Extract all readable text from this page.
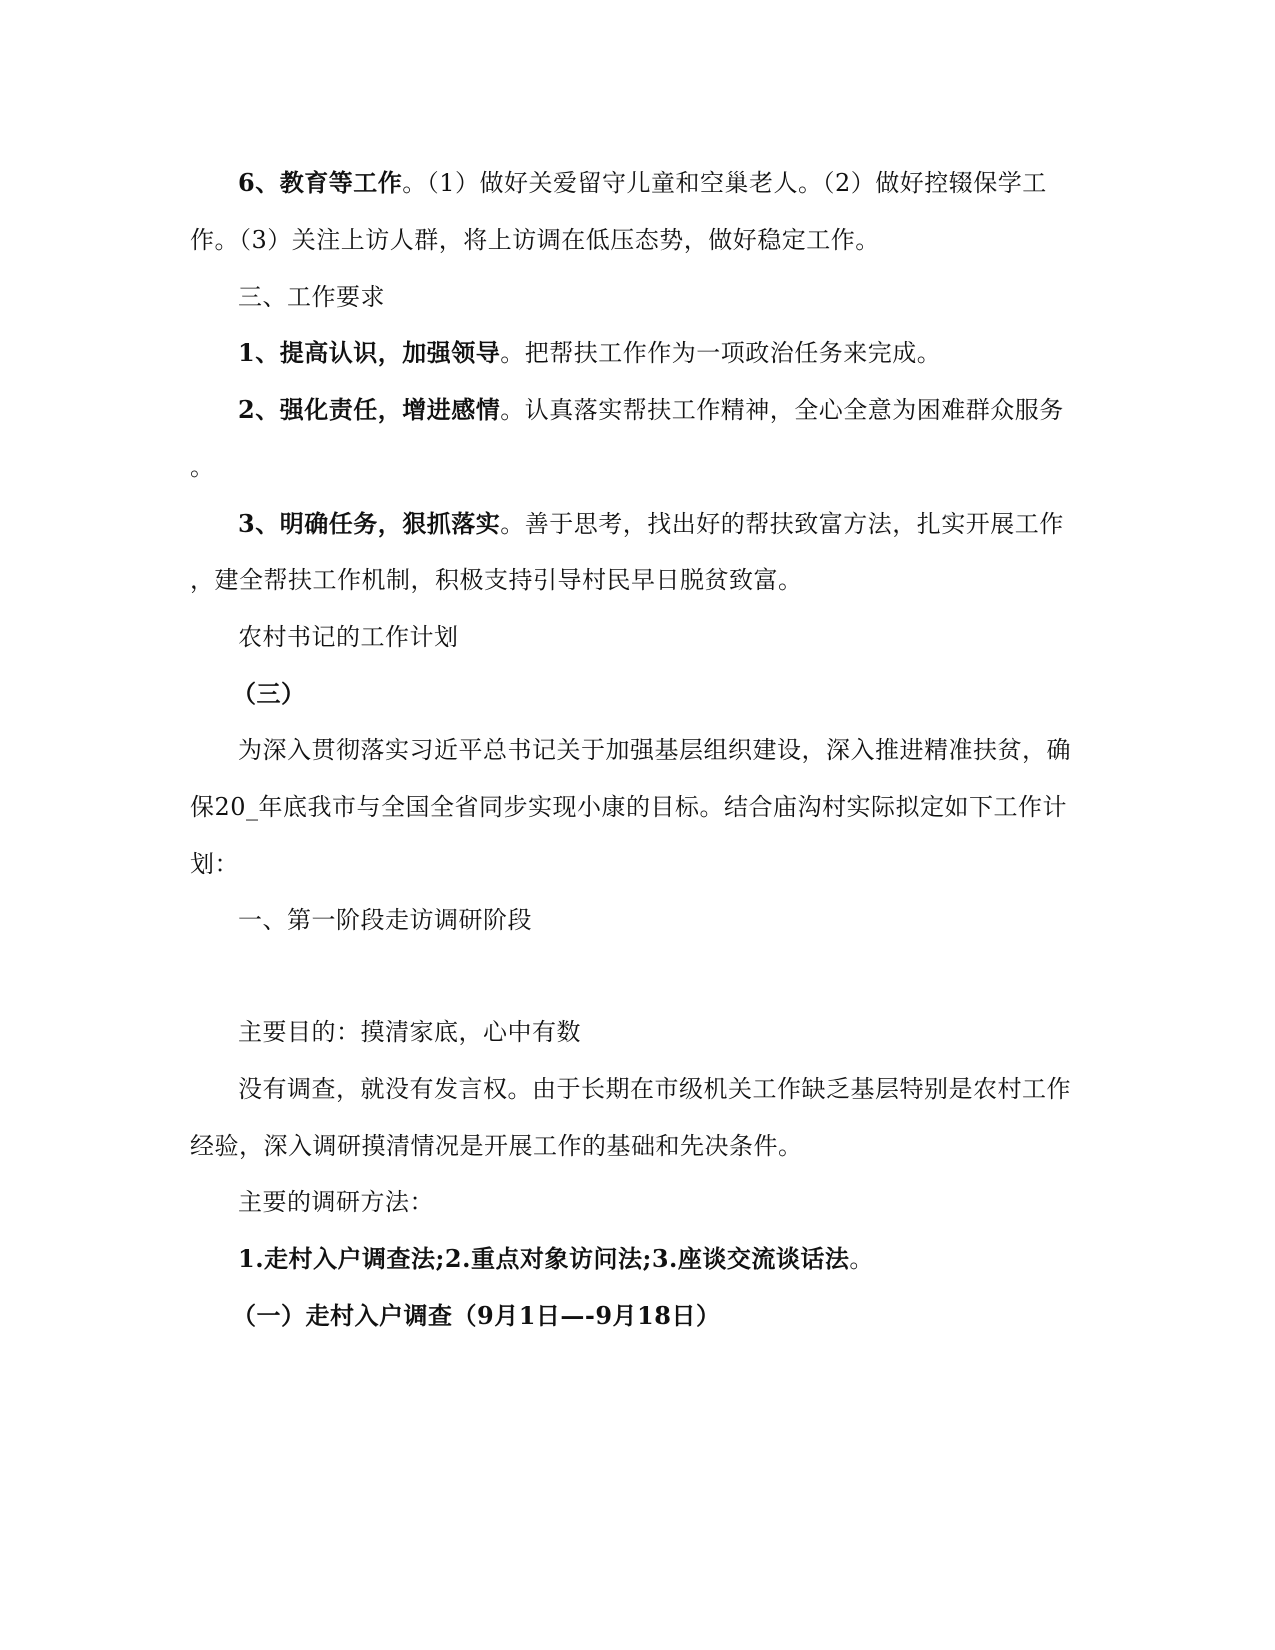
6、教育等工作。（1）做好关爱留守儿童和空巢老人。（2）做好控辍保学工
作。（3）关注上访人群，将上访调在低压态势，做好稳定工作。
三、工作要求
1、提高认识，加强领导。把帮扶工作作为一项政治任务来完成。
2、强化责任，增进感情。认真落实帮扶工作精神，全心全意为困难群众服务
。
3、明确任务，狠抓落实。善于思考，找出好的帮扶致富方法，扎实开展工作
，建全帮扶工作机制，积极支持引导村民早日脱贫致富。
农村书记的工作计划
（三）
为深入贯彻落实习近平总书记关于加强基层组织建设，深入推进精准扶贫，确
保20_年底我市与全国全省同步实现小康的目标。结合庙沟村实际拟定如下工作计
划：
一、第一阶段走访调研阶段
主要目的：摸清家底，心中有数
没有调查，就没有发言权。由于长期在市级机关工作缺乏基层特别是农村工作
经验，深入调研摸清情况是开展工作的基础和先决条件。
主要的调研方法：
1.走村入户调查法;2.重点对象访问法;3.座谈交流谈话法。
（一）走村入户调查（9月1日—-9月18日）
